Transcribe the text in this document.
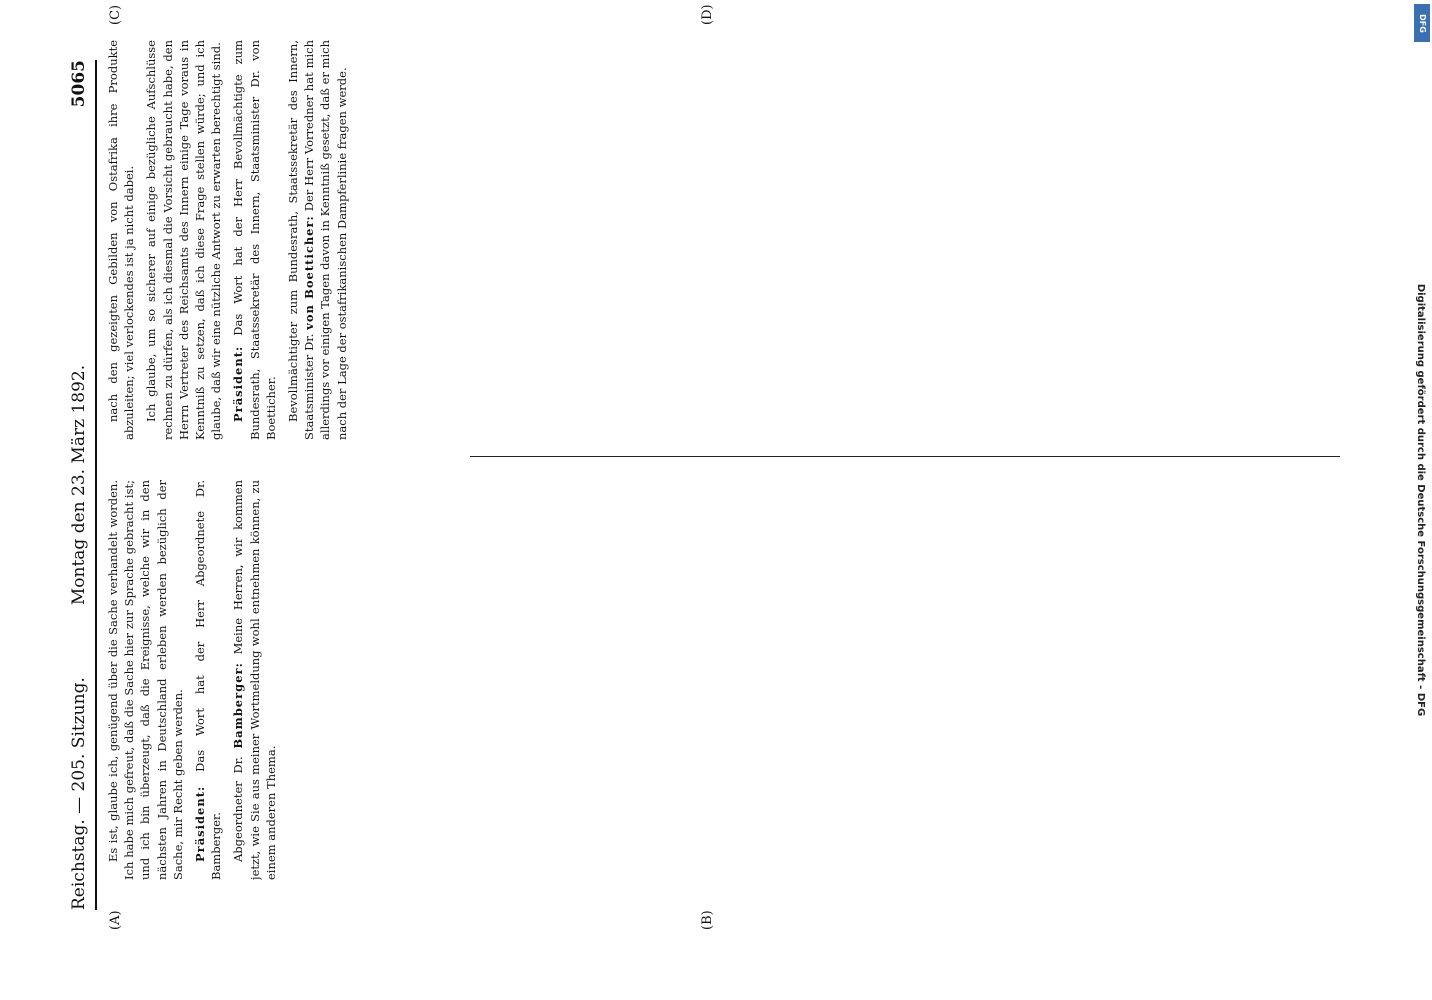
Reichstag. — 205. Sitzung.
Montag den 23. März 1892.
5065
(A)	(B)
(C)	(D)

Es ist, glaube ich, genügend über die Sache verhandelt worden. Ich habe mich gefreut, daß die Sache hier zur Sprache gebracht ist; und ich bin überzeugt, daß die Ereignisse, welche wir in den nächsten Jahren in Deutschland erleben werden bezüglich der Sache, mir Recht geben werden. Präsident: Das Wort hat der Herr Abgeordnete Dr. Bamberger. Abgeordneter Dr. Bamberger: Meine Herren, wir kommen jetzt, wie Sie aus meiner Wortmeldung wohl entnehmen können, zu einem anderen Thema.

nach den gezeigten Gebilden von Ostafrika ihre Produkte abzuleiten; viel verlockendes ist ja nicht dabei. Ich glaube, um so sicherer auf einige bezügliche Aufschlüsse rechnen zu dürfen, als ich diesmal die Vorsicht gebraucht habe, den Herrn Vertreter des Reichsamts des Innern einige Tage voraus in Kenntniß zu setzen, daß ich diese Frage stellen würde; und ich glaube, daß wir eine nützliche Antwort zu erwarten berechtigt sind. Präsident: Das Wort hat der Herr Bevollmächtigte zum Bundesrath, Staatssekretär des Innern, Staatsminister Dr. von Boetticher. Bevollmächtigter zum Bundesrath, Staatssekretär des Innern, Staatsminister Dr. von Boetticher: Der Herr Vorredner hat mich allerdings vor einigen Tagen davon in Kenntniß gesetzt, daß er mich nach der Lage der ostafrikanischen Dampferlinie fragen werde.

Digitalisierung gefördert durch die Deutsche Forschungsgemeinschaft - DFG
DFG
